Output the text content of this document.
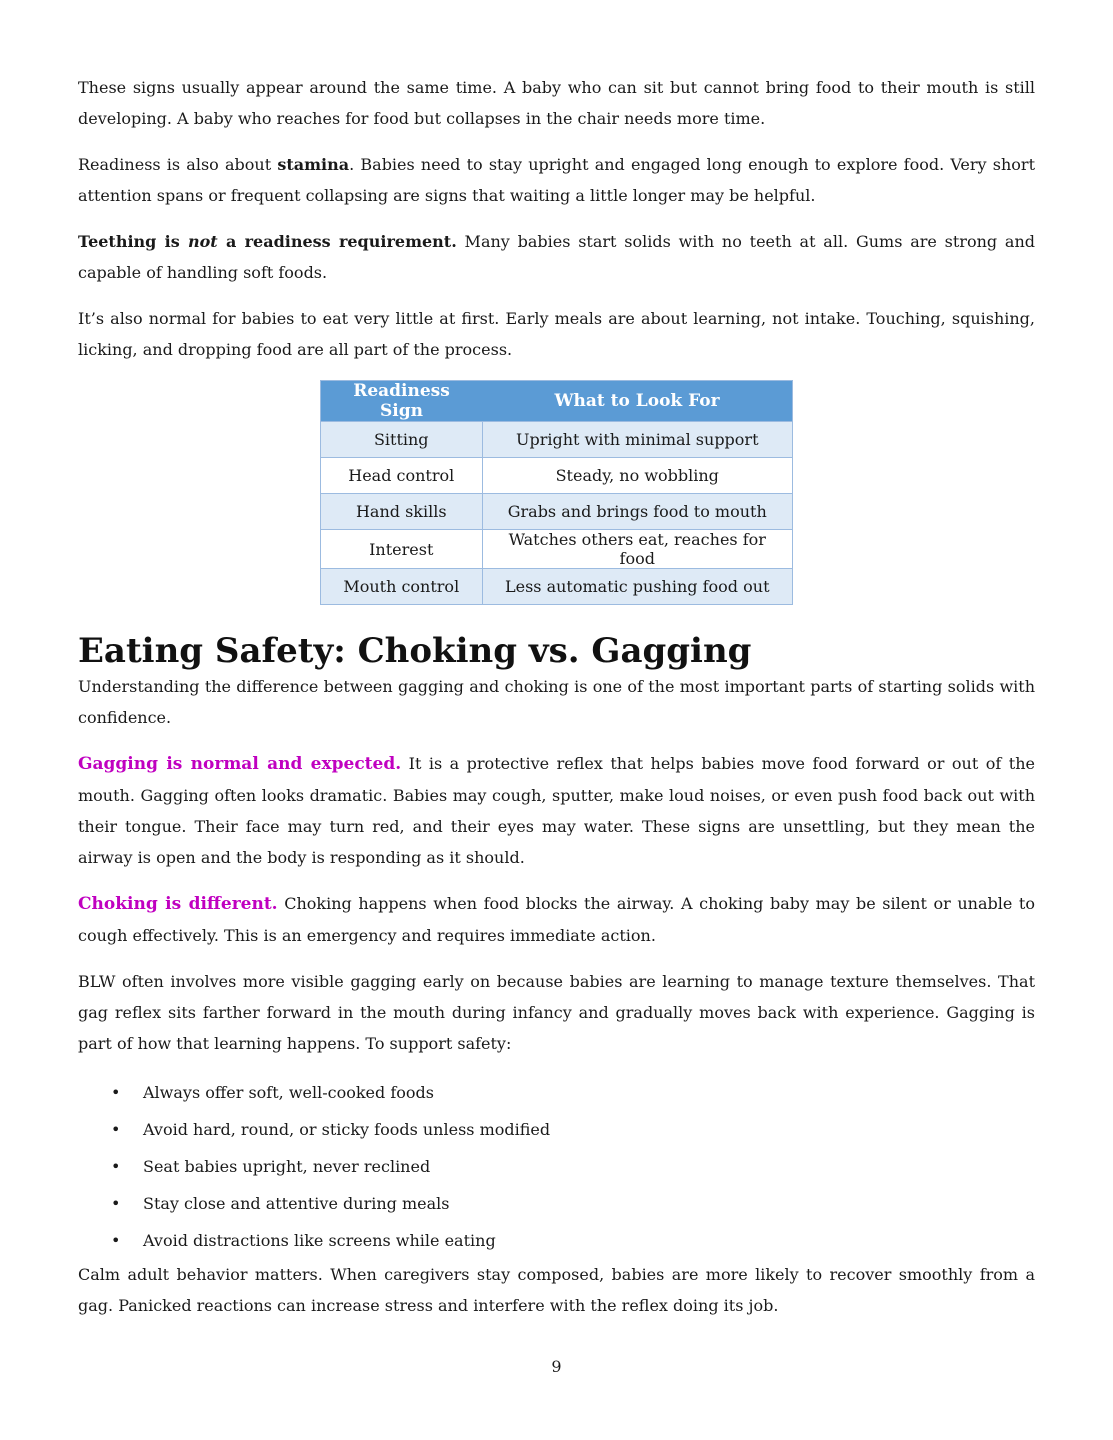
These signs usually appear around the same time. A baby who can sit but cannot bring food to their mouth is still developing. A baby who reaches for food but collapses in the chair needs more time.

Readiness is also about stamina. Babies need to stay upright and engaged long enough to explore food. Very short attention spans or frequent collapsing are signs that waiting a little longer may be helpful.

Teething is not a readiness requirement. Many babies start solids with no teeth at all. Gums are strong and capable of handling soft foods.

It’s also normal for babies to eat very little at first. Early meals are about learning, not intake. Touching, squishing, licking, and dropping food are all part of the process.

Readiness Sign	What to Look For
Sitting	Upright with minimal support
Head control	Steady, no wobbling
Hand skills	Grabs and brings food to mouth
Interest	Watches others eat, reaches for food
Mouth control	Less automatic pushing food out
Eating Safety: Choking vs. Gagging

Understanding the difference between gagging and choking is one of the most important parts of starting solids with confidence.

Gagging is normal and expected. It is a protective reflex that helps babies move food forward or out of the mouth. Gagging often looks dramatic. Babies may cough, sputter, make loud noises, or even push food back out with their tongue. Their face may turn red, and their eyes may water. These signs are unsettling, but they mean the airway is open and the body is responding as it should.

Choking is different. Choking happens when food blocks the airway. A choking baby may be silent or unable to cough effectively. This is an emergency and requires immediate action.

BLW often involves more visible gagging early on because babies are learning to manage texture themselves. That gag reflex sits farther forward in the mouth during infancy and gradually moves back with experience. Gagging is part of how that learning happens. To support safety:

• Always offer soft, well-cooked foods
• Avoid hard, round, or sticky foods unless modified
• Seat babies upright, never reclined
• Stay close and attentive during meals
• Avoid distractions like screens while eating

Calm adult behavior matters. When caregivers stay composed, babies are more likely to recover smoothly from a gag. Panicked reactions can increase stress and interfere with the reflex doing its job.

9
